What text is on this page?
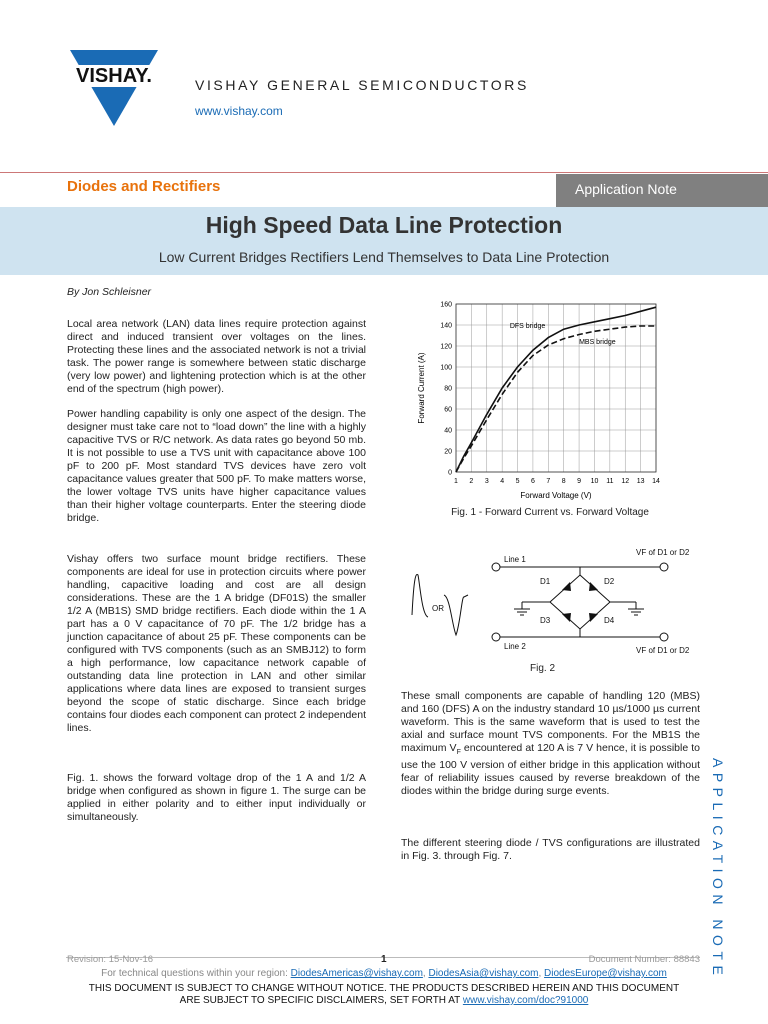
VISHAY.	VISHAY GENERAL SEMICONDUCTORS
www.vishay.com
Diodes and Rectifiers	Application Note
High Speed Data Line Protection
Low Current Bridges Rectifiers Lend Themselves to Data Line Protection
By Jon Schleisner

Local area network (LAN) data lines require protection against direct and induced transient over voltages on the lines. Protecting these lines and the associated network is not a trivial task. The power range is somewhere between static discharge (very low power) and lightening protection which is at the other end of the spectrum (high power).

Power handling capability is only one aspect of the design. The designer must take care not to “load down” the line with a highly capacitive TVS or R/C network. As data rates go beyond 50 mb. It is not possible to use a TVS unit with capacitance above 100 pF to 200 pF. Most standard TVS devices have zero volt capacitance values greater that 500 pF. To make matters worse, the lower voltage TVS units have higher capacitance values than their higher voltage counterparts. Enter the steering diode bridge.

Vishay offers two surface mount bridge rectifiers. These components are ideal for use in protection circuits where power handling, capacitive loading and cost are all design considerations. These are the 1 A bridge (DF01S) the smaller 1/2 A (MB1S) SMD bridge rectifiers. Each diode within the 1 A part has a 0 V capacitance of 70 pF. The 1/2 bridge has a junction capacitance of about 25 pF. These components can be configured with TVS components (such as an SMBJ12) to form a high performance, low capacitance network capable of outstanding data line protection in LAN and other similar applications where data lines are exposed to transient surges beyond the scope of static discharge. Since each bridge contains four diodes each component can protect 2 independent lines.

Fig. 1. shows the forward voltage drop of the 1 A and 1/2 A bridge when configured as shown in figure 1. The surge can be applied in either polarity and to either input individually or simultaneously.

1 2 3 4 5 6 7 8 9 10 11 12 13 14
0
20
40
60
80
100
120
140
160
DFS bridge
MBS bridge
Forward Voltage (V)
Forward Current (A)
Fig. 1 - Forward Current vs. Forward Voltage
Line 1
Line 2
OR
D1	D2
D3	D4
VF of D1 or D2
VF of D1 or D2
Fig. 2

These small components are capable of handling 120 (MBS) and 160 (DFS) A on the industry standard 10 µs/1000 µs current waveform. This is the same waveform that is used to test the axial and surface mount TVS components. For the MB1S the maximum $V_F$ encountered at 120 A is 7 V hence, it is possible to use the 100 V version of either bridge in this application without fear of reliability issues caused by reverse breakdown of the diodes within the bridge during surge events.

The different steering diode / TVS configurations are illustrated in Fig. 3. through Fig. 7.	APPLICATION NOTE
Revision: 15-Nov-16	1	Document Number: 88843
For technical questions within your region: DiodesAmericas@vishay.com, DiodesAsia@vishay.com, DiodesEurope@vishay.com
THIS DOCUMENT IS SUBJECT TO CHANGE WITHOUT NOTICE. THE PRODUCTS DESCRIBED HEREIN AND THIS DOCUMENT
ARE SUBJECT TO SPECIFIC DISCLAIMERS, SET FORTH AT www.vishay.com/doc?91000
